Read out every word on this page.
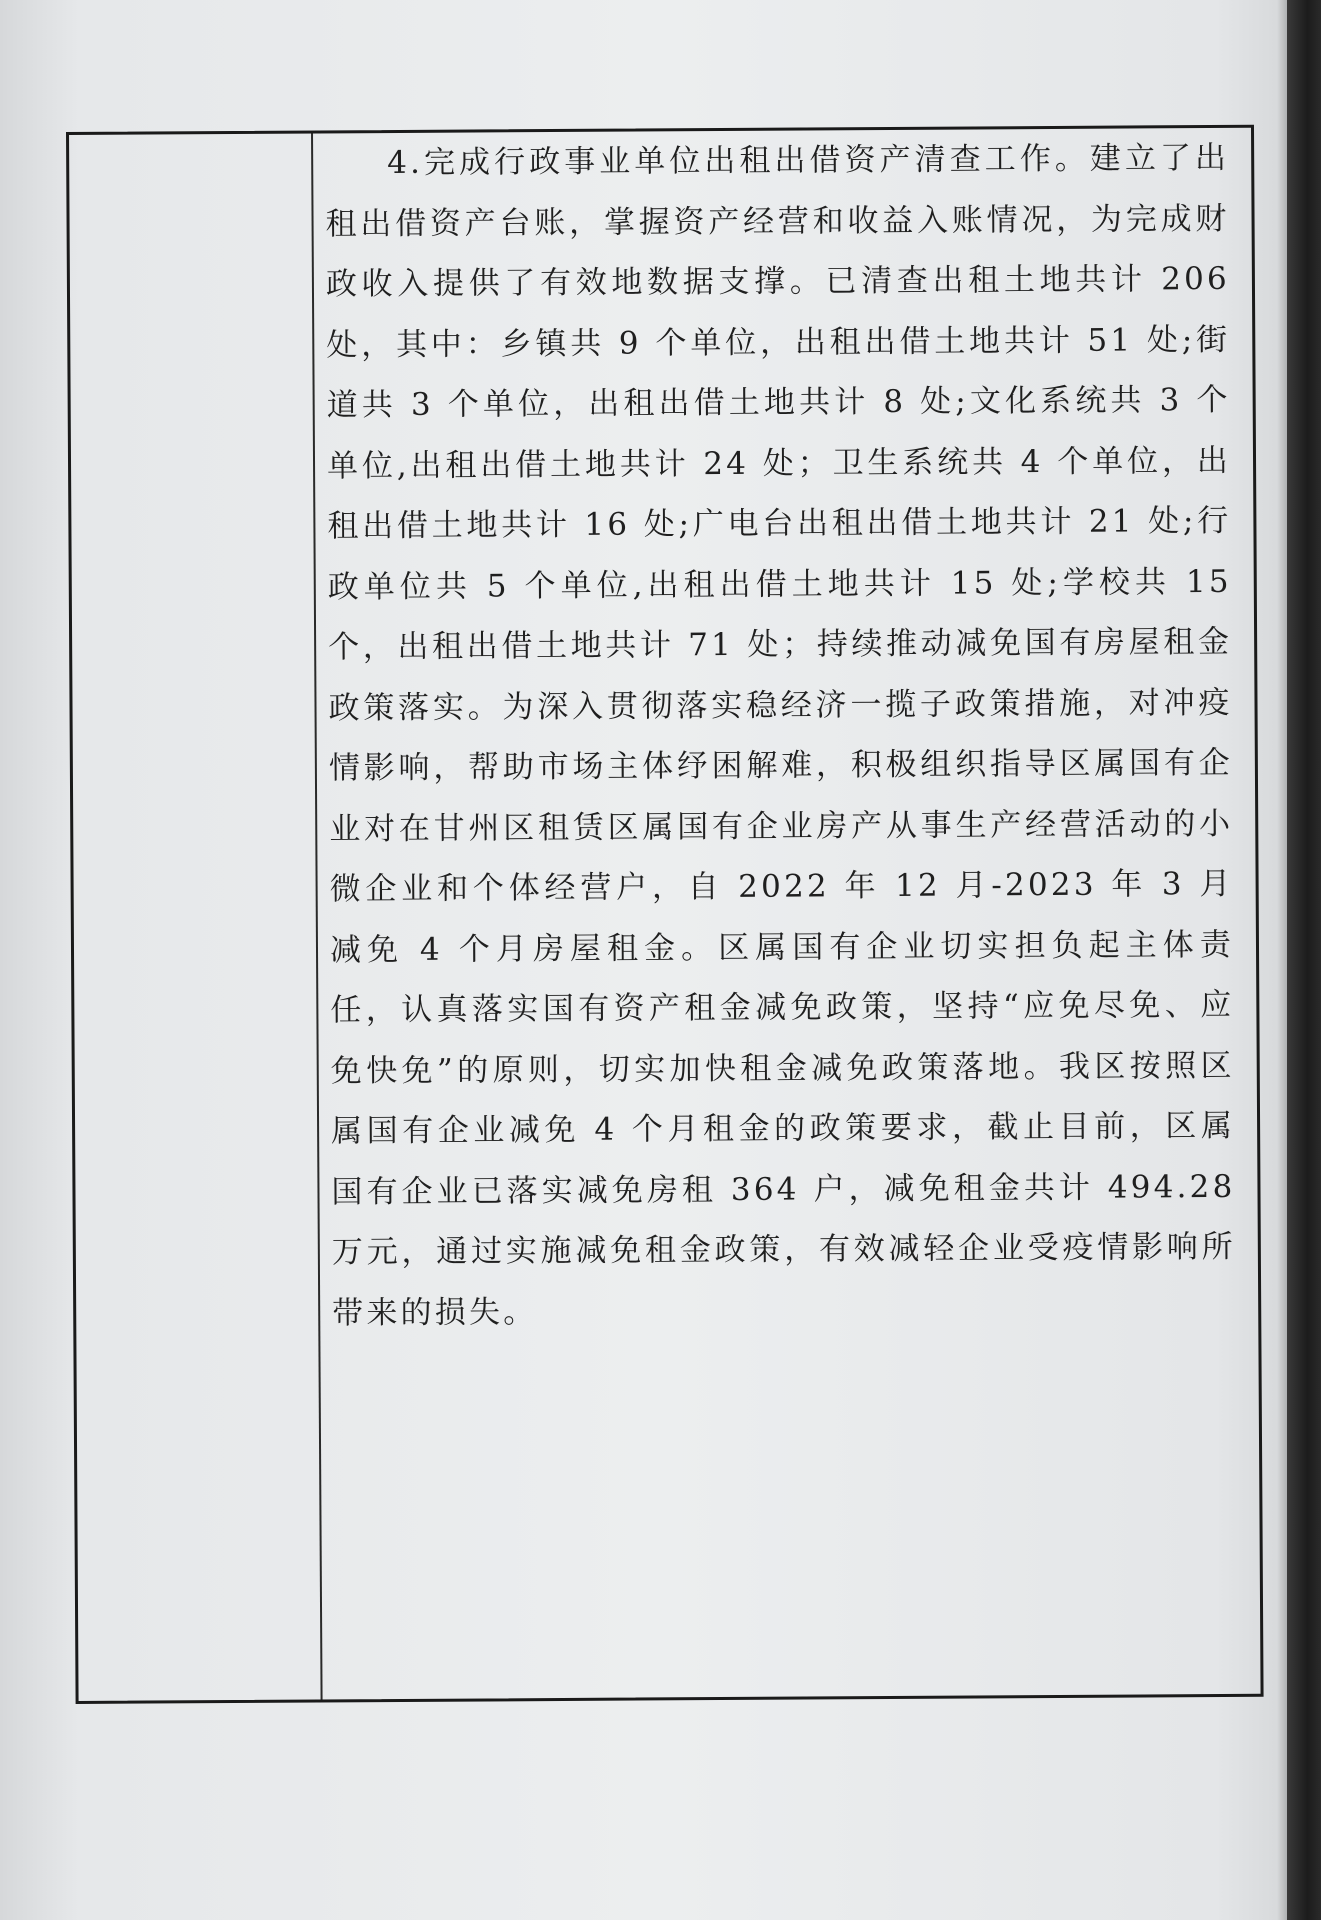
4.完成行政事业单位出租出借资产清查工作。建立了出租出借资产台账，掌握资产经营和收益入账情况，为完成财政收入提供了有效地数据支撑。已清查出租土地共计 206 处，其中：乡镇共 9 个单位，出租出借土地共计 51 处;街道共 3 个单位，出租出借土地共计 8 处;文化系统共 3 个单位,出租出借土地共计 24 处；卫生系统共 4 个单位，出租出借土地共计 16 处;广电台出租出借土地共计 21 处;行政单位共 5 个单位,出租出借土地共计 15 处;学校共 15 个，出租出借土地共计 71 处；持续推动减免国有房屋租金政策落实。为深入贯彻落实稳经济一揽子政策措施，对冲疫情影响，帮助市场主体纾困解难，积极组织指导区属国有企业对在甘州区租赁区属国有企业房产从事生产经营活动的小微企业和个体经营户，自 2022 年 12 月-2023 年 3 月减免 4 个月房屋租金。区属国有企业切实担负起主体责任，认真落实国有资产租金减免政策，坚持“应免尽免、应免快免”的原则，切实加快租金减免政策落地。我区按照区属国有企业减免 4 个月租金的政策要求，截止目前，区属国有企业已落实减免房租 364 户，减免租金共计 494.28 万元，通过实施减免租金政策，有效减轻企业受疫情影响所带来的损失。
